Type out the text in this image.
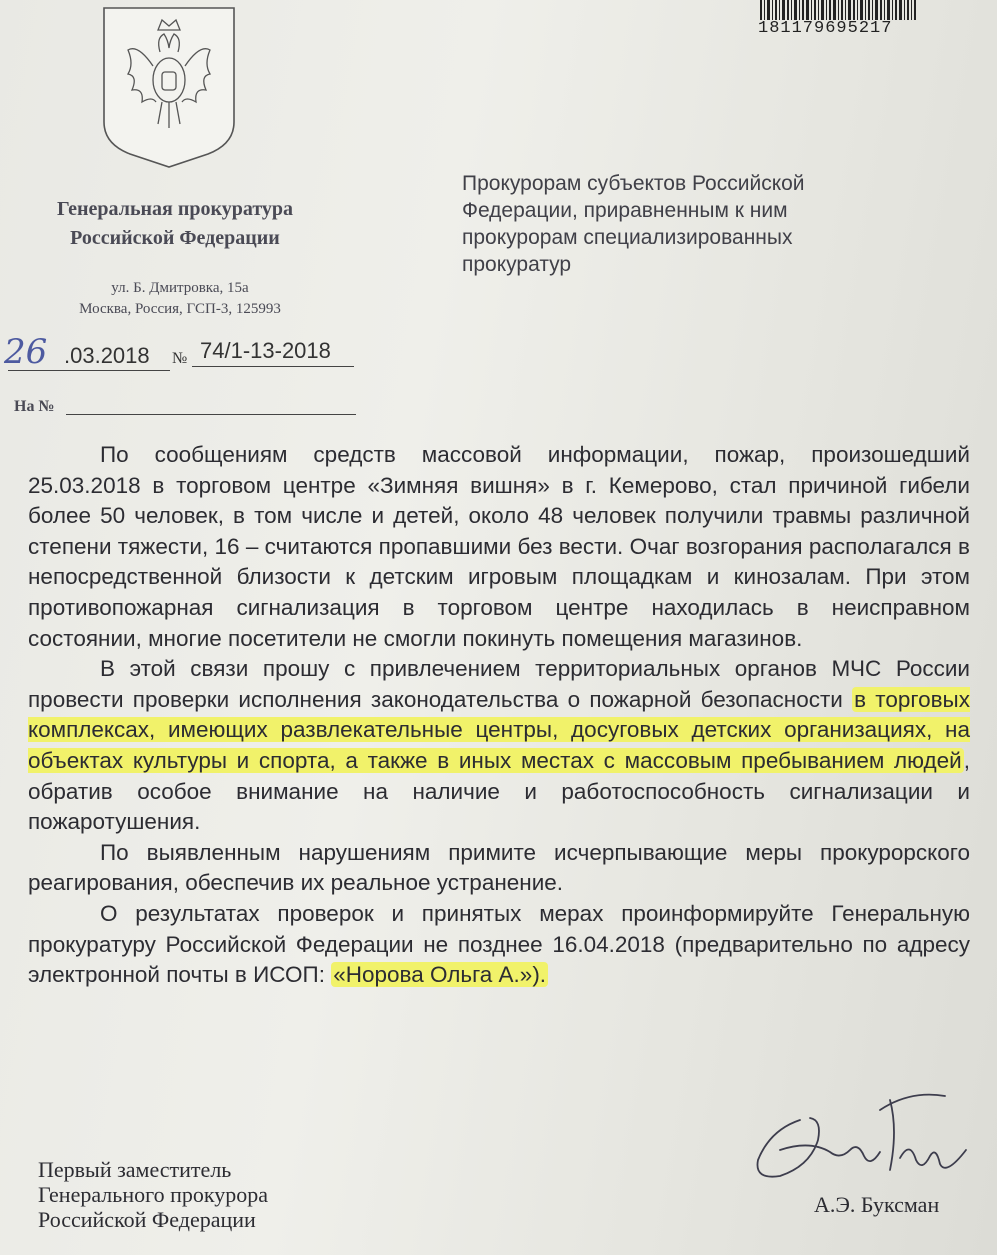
181179695217
Генеральная прокуратура
Российской Федерации
ул. Б. Дмитровка, 15а
Москва, Россия, ГСП-3, 125993
26 .03.2018 № 74/1-13-2018
На №
Прокурорам субъектов Российской
Федерации, приравненным к ним
прокурорам специализированных
прокуратур

По сообщениям средств массовой информации, пожар, произошедший 25.03.2018 в торговом центре «Зимняя вишня» в г. Кемерово, стал причиной гибели более 50 человек, в том числе и детей, около 48 человек получили травмы различной степени тяжести, 16 – считаются пропавшими без вести. Очаг возгорания располагался в непосредственной близости к детским игровым площадкам и кинозалам. При этом противопожарная сигнализация в торговом центре находилась в неисправном состоянии, многие посетители не смогли покинуть помещения магазинов.

В этой связи прошу с привлечением территориальных органов МЧС России провести проверки исполнения законодательства о пожарной безопасности в торговых комплексах, имеющих развлекательные центры, досуговых детских организациях, на объектах культуры и спорта, а также в иных местах с массовым пребыванием людей, обратив особое внимание на наличие и работоспособность сигнализации и пожаротушения.

По выявленным нарушениям примите исчерпывающие меры прокурорского реагирования, обеспечив их реальное устранение.

О результатах проверок и принятых мерах проинформируйте Генеральную прокуратуру Российской Федерации не позднее 16.04.2018 (предварительно по адресу электронной почты в ИСОП: «Норова Ольга А.»).

Первый заместитель
Генерального прокурора
Российской Федерации
А.Э. Буксман
